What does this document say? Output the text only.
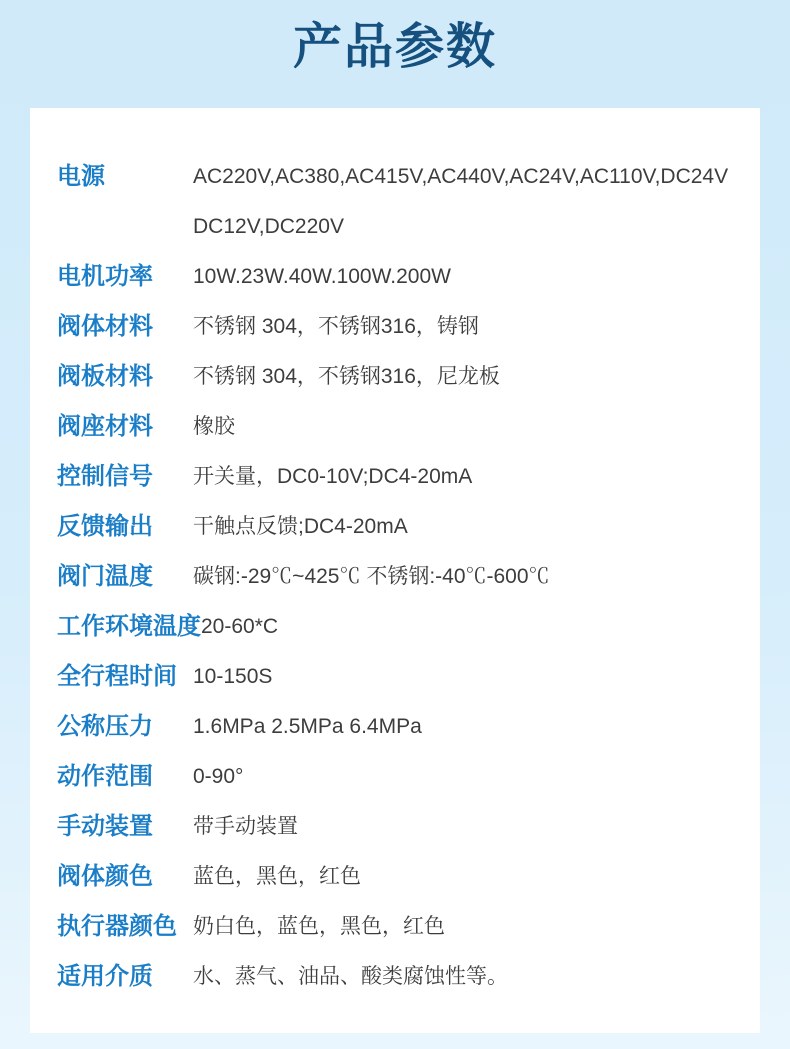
产品参数
电源	AC220V,AC380,AC415V,AC440V,AC24V,AC110V,DC24V
DC12V,DC220V
电机功率	10W.23W.40W.100W.200W
阀体材料	不锈钢 304，不锈钢316，铸钢
阀板材料	不锈钢 304，不锈钢316，尼龙板
阀座材料	橡胶
控制信号	开关量，DC0-10V;DC4-20mA
反馈输出	干触点反馈;DC4-20mA
阀门温度	碳钢:-29℃~425℃ 不锈钢:-40℃-600℃
工作环境温度 20-60*C
全行程时间 10-150S
公称压力	1.6MPa 2.5MPa 6.4MPa
动作范围	0-90°
手动装置	带手动装置
阀体颜色	蓝色，黑色，红色
执行器颜色 奶白色，蓝色，黑色，红色
适用介质	水、蒸气、油品、酸类腐蚀性等。
